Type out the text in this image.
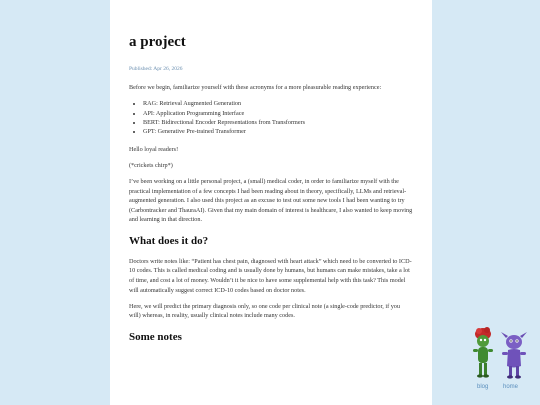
a project
Published: Apr 26, 2026

Before we begin, familiarize yourself with these acronyms for a more pleasurable reading experience:

• RAG: Retrieval Augmented Generation
• API: Application Programming Interface
• BERT: Bidirectional Encoder Representations from Transformers
• GPT: Generative Pre-trained Transformer

Hello loyal readers!

(*crickets chirp*)

I’ve been working on a little personal project, a (small) medical coder, in order to familiarize myself with the practical implementation of a few concepts I had been reading about in theory, specifically, LLMs and retrieval-augmented generation. I also used this project as an excuse to test out some new tools I had been wanting to try (Carbontracker and ThauraAI). Given that my main domain of interest is healthcare, I also wanted to keep moving and learning in that direction.

What does it do?

Doctors write notes like: “Patient has chest pain, diagnosed with heart attack” which need to be converted to ICD-10 codes. This is called medical coding and is usually done by humans, but humans can make mistakes, take a lot of time, and cost a lot of money. Wouldn’t it be nice to have some supplemental help with this task? This model will automatically suggest correct ICD-10 codes based on doctor notes.

Here, we will predict the primary diagnosis only, so one code per clinical note (a single-code predictor, if you will) whereas, in reality, usually clinical notes include many codes.

Some notes
blog home
